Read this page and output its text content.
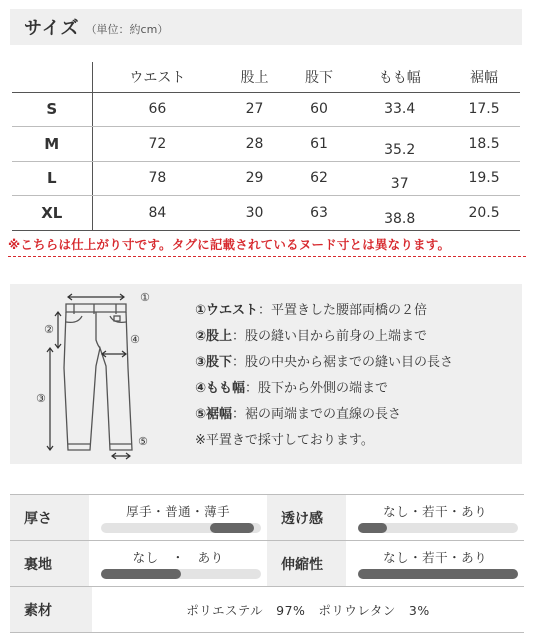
サイズ （単位：約cm）
	ウエスト	股上	股下	もも幅	裾幅
S	66	27	60	33.4	17.5
M	72	28	61	35.2	18.5
L	78	29	62	37	19.5
XL	84	30	63	38.8	20.5
※こちらは仕上がり寸です。タグに記載されているヌード寸とは異なります。
①
②
③
④
⑤
①ウエスト：平置きした腰部両橋の２倍
②股上：股の縫い目から前身の上端まで
③股下：股の中央から裾までの縫い目の長さ
④もも幅：股下から外側の端まで
⑤裾幅：裾の両端までの直線の長さ
※平置きで採寸しております。
厚さ	厚手・普通・薄手	透け感	なし・若干・あり
裏地	なし　・　あり	伸縮性	なし・若干・あり
素材	ポリエステル　97%　ポリウレタン　3%
